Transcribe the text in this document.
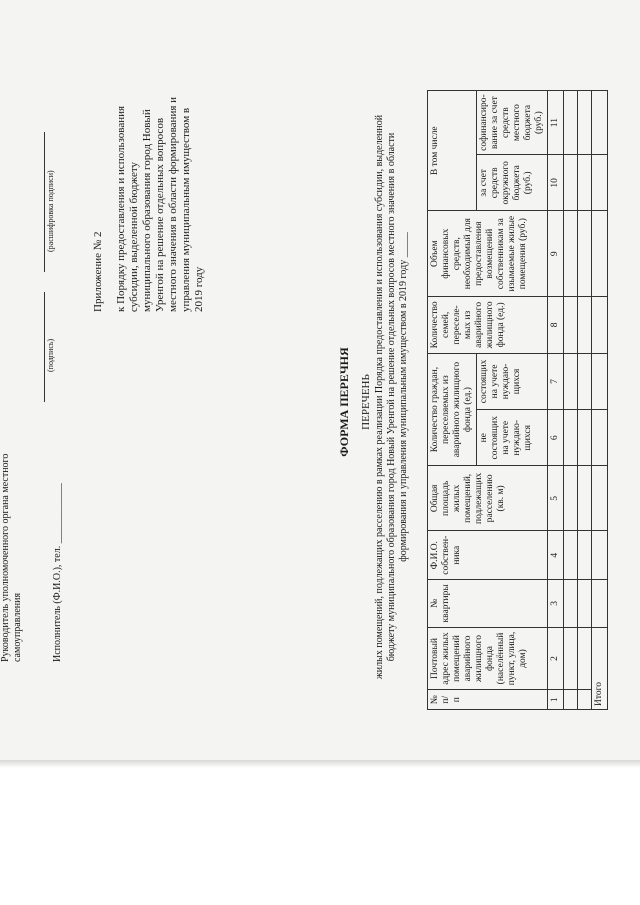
Приложение № 2 к Порядку предоставления и использования субсидии, выделенной бюджету муниципального образования город Новый Уренгой на решение отдельных вопросов местного значения в области формирования и управления муниципальным имуществом в 2019 году
ФОРМА ПЕРЕЧНЯ ПЕРЕЧЕНЬ жилых помещений, подлежащих расселению в рамках реализации Порядка предоставления и использования субсидии, выделенной бюджету муниципального образования город Новый Уренгой на решение отдельных вопросов местного значения в области формирования и управления муниципальным имуществом в 2019 году _____
№ п/п	Почтовый адрес жилых помещений аварийного жилищного фонда (населённый пункт, улица, дом)	№ квартиры	Ф.И.О. собствен-ника	Общая площадь жилых помещений, подлежащих расселению (кв. м)	Количество граждан, переселяемых из аварийного жилищного фонда (ед.)		Количество семей, переселе-мых из аварийного жилищного фонда (ед.)	Объем финансовых средств, необходимый для предоставления возмещений собственникам за изымаемые жилые помещения (руб.)	В том числе	
					не состоящих на учете нуждаю-щихся	состоящих на учете нуждаю-щихся			за счет средств окружного бюджета (руб.)	софинансиро-вание за счет средств местного бюджета (руб.)
1	2	3	4	5	6	7	8	9	10	11

Итого										
Руководитель уполномоченного органа местного самоуправления
(подпись)
(расшифровка подписи)
Исполнитель (Ф.И.О.), тел. ____________
